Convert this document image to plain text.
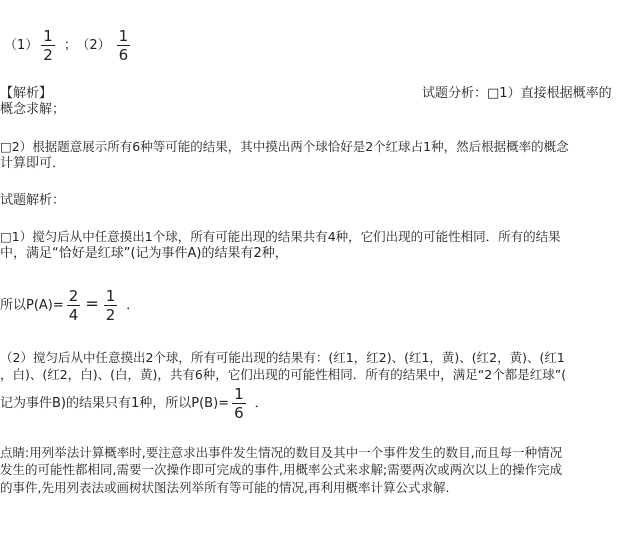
$(1) \frac{1}{2}$ ； $(2) \frac{1}{6}$
【解析】	试题分析：□1）直接根据概率的
概念求解；
□2）根据题意展示所有6种等可能的结果，其中摸出两个球恰好是2个红球占1种，然后根据概率的概念
计算即可．
试题解析：
□1）搅匀后从中任意摸出1个球，所有可能出现的结果共有4种，它们出现的可能性相同．所有的结果
中，满足“恰好是红球”(记为事件A)的结果有2种，
所以$P(A)= \frac{2}{4} = \frac{1}{2}$ ．
（2）搅匀后从中任意摸出2个球，所有可能出现的结果有：(红1，红2)、(红1，黄)、(红2，黄)、(红1
，白)、(红2，白)、(白，黄)，共有6种，它们出现的可能性相同．所有的结果中，满足“2个都是红球”(
记为事件B)的结果只有1种，所以$P(B)= \frac{1}{6}$ ．
点睛:用列举法计算概率时,要注意求出事件发生情况的数目及其中一个事件发生的数目,而且每一种情况
发生的可能性都相同,需要一次操作即可完成的事件,用概率公式来求解;需要两次或两次以上的操作完成
的事件,先用列表法或画树状图法列举所有等可能的情况,再利用概率计算公式求解.
